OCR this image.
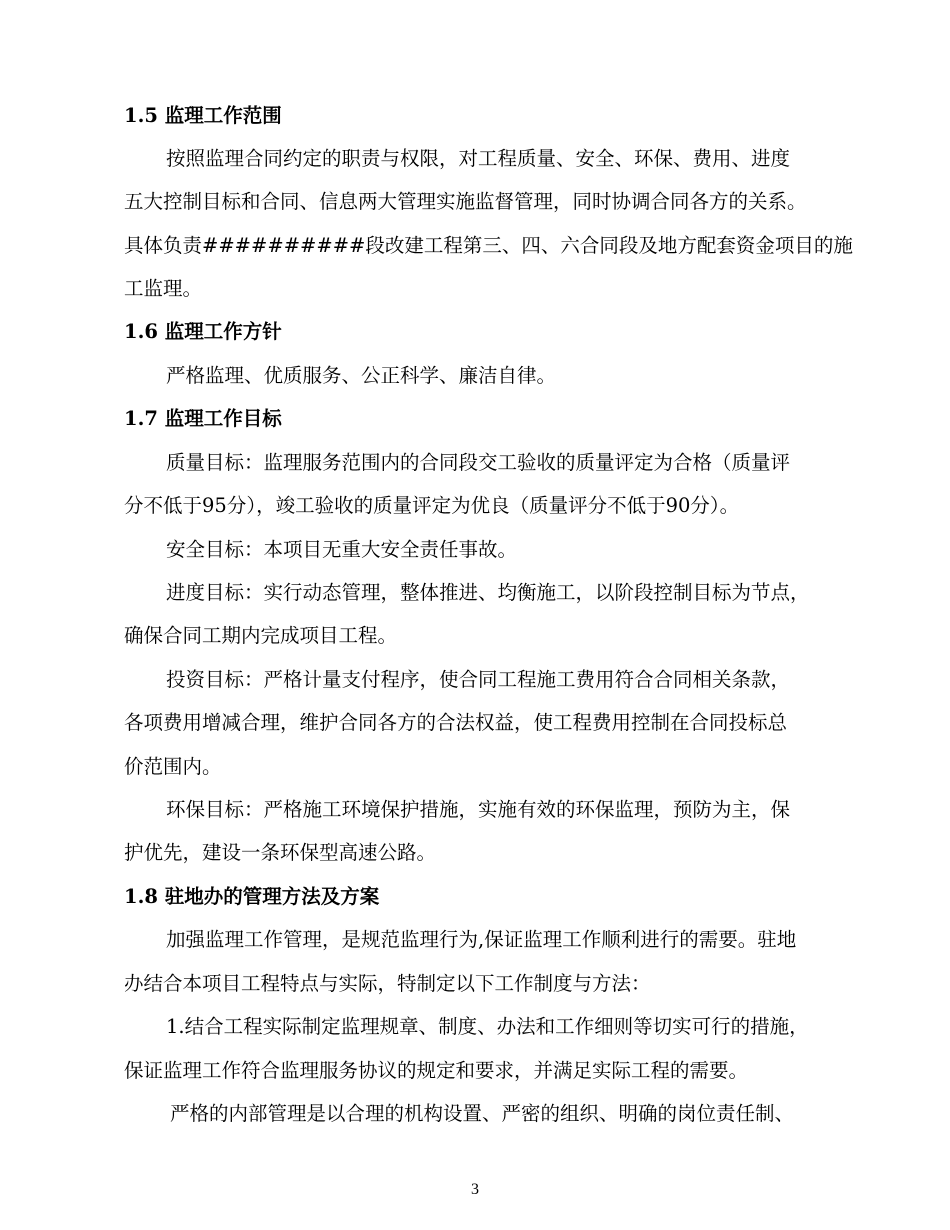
1.5 监理工作范围
按照监理合同约定的职责与权限，对工程质量、安全、环保、费用、进度
五大控制目标和合同、信息两大管理实施监督管理，同时协调合同各方的关系。
具体负责##########段改建工程第三、四、六合同段及地方配套资金项目的施
工监理。
1.6 监理工作方针
严格监理、优质服务、公正科学、廉洁自律。
1.7 监理工作目标
质量目标：监理服务范围内的合同段交工验收的质量评定为合格（质量评
分不低于95分），竣工验收的质量评定为优良（质量评分不低于90分）。
安全目标：本项目无重大安全责任事故。
进度目标：实行动态管理，整体推进、均衡施工，以阶段控制目标为节点，
确保合同工期内完成项目工程。
投资目标：严格计量支付程序，使合同工程施工费用符合合同相关条款，
各项费用增减合理，维护合同各方的合法权益，使工程费用控制在合同投标总
价范围内。
环保目标：严格施工环境保护措施，实施有效的环保监理，预防为主，保
护优先，建设一条环保型高速公路。
1.8 驻地办的管理方法及方案
加强监理工作管理，是规范监理行为,保证监理工作顺利进行的需要。驻地
办结合本项目工程特点与实际，特制定以下工作制度与方法：
1.结合工程实际制定监理规章、制度、办法和工作细则等切实可行的措施，
保证监理工作符合监理服务协议的规定和要求，并满足实际工程的需要。
严格的内部管理是以合理的机构设置、严密的组织、明确的岗位责任制、
3
